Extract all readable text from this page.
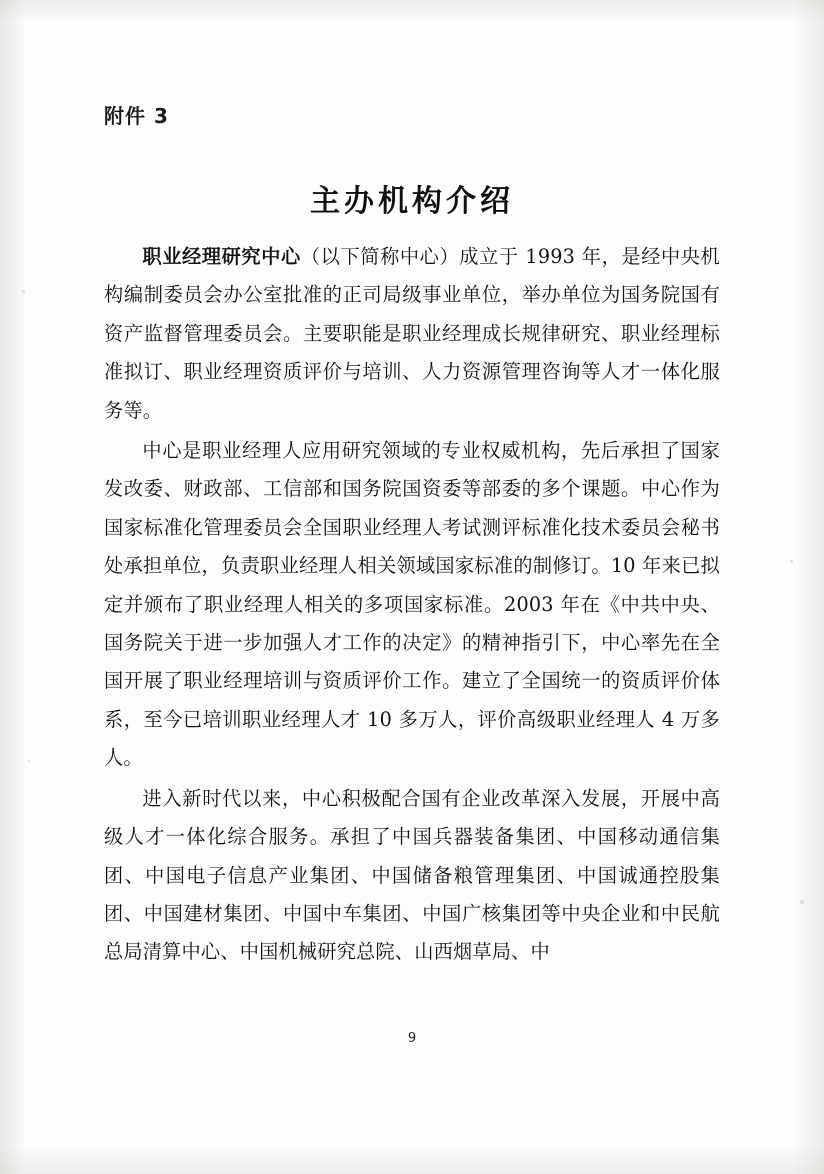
附件 3
主办机构介绍

职业经理研究中心（以下简称中心）成立于 1993 年，是经中央机构编制委员会办公室批准的正司局级事业单位，举办单位为国务院国有资产监督管理委员会。主要职能是职业经理成长规律研究、职业经理标准拟订、职业经理资质评价与培训、人力资源管理咨询等人才一体化服务等。

中心是职业经理人应用研究领域的专业权威机构，先后承担了国家发改委、财政部、工信部和国务院国资委等部委的多个课题。中心作为国家标准化管理委员会全国职业经理人考试测评标准化技术委员会秘书处承担单位，负责职业经理人相关领域国家标准的制修订。10 年来已拟定并颁布了职业经理人相关的多项国家标准。2003 年在《中共中央、国务院关于进一步加强人才工作的决定》的精神指引下，中心率先在全国开展了职业经理培训与资质评价工作。建立了全国统一的资质评价体系，至今已培训职业经理人才 10 多万人，评价高级职业经理人 4 万多人。

进入新时代以来，中心积极配合国有企业改革深入发展，开展中高级人才一体化综合服务。承担了中国兵器装备集团、中国移动通信集团、中国电子信息产业集团、中国储备粮管理集团、中国诚通控股集团、中国建材集团、中国中车集团、中国广核集团等中央企业和中民航总局清算中心、中国机械研究总院、山西烟草局、中

9
